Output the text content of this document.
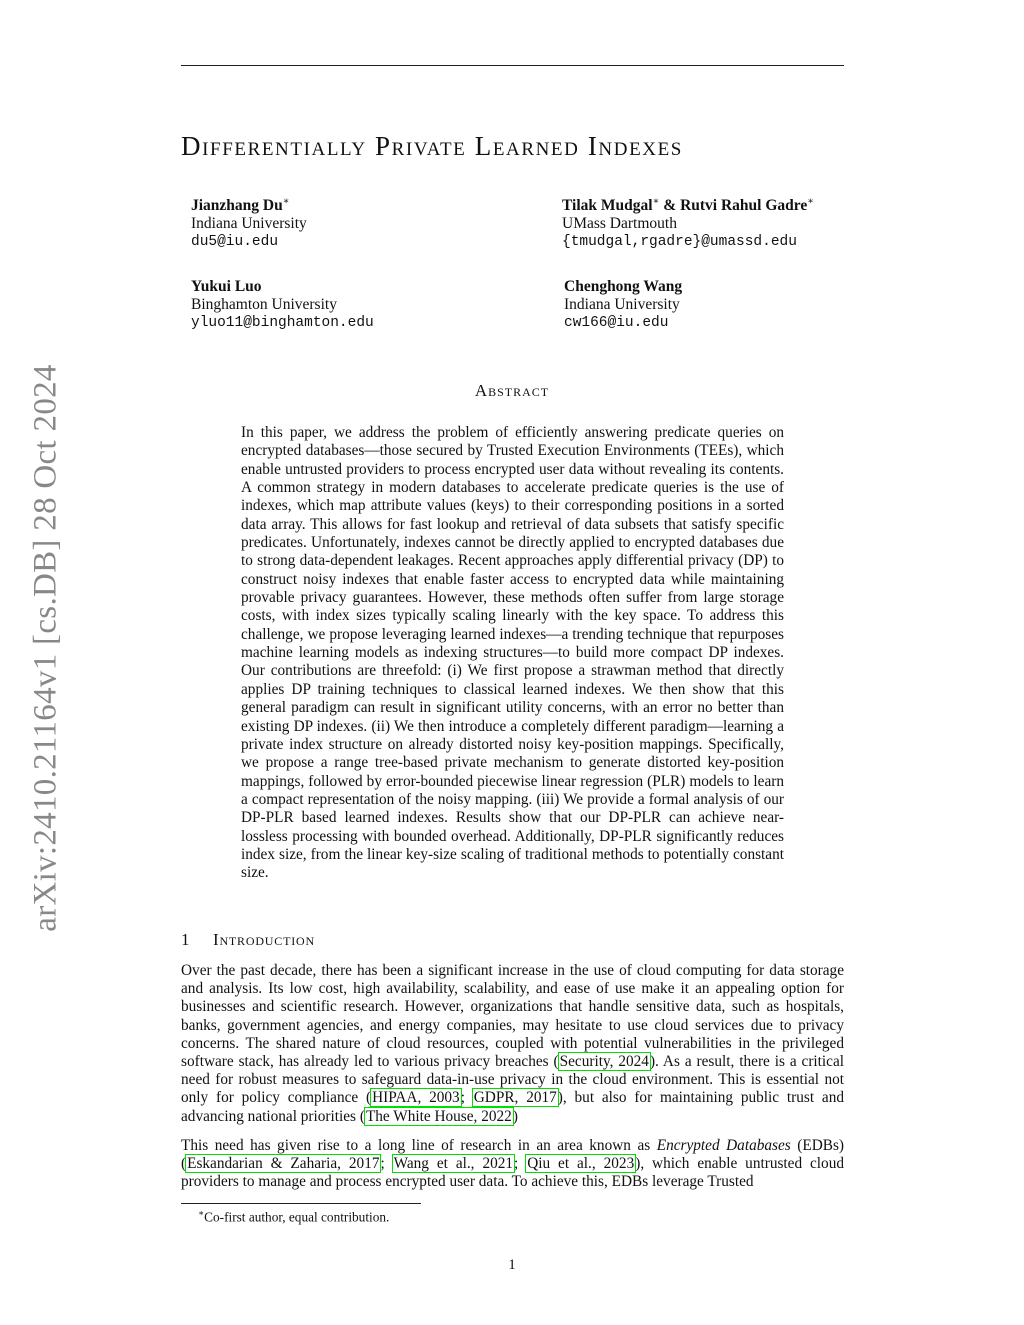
arXiv:2410.21164v1 [cs.DB] 28 Oct 2024
Differentially Private Learned Indexes
Jianzhang Du∗
Indiana University
du5@iu.edu
Tilak Mudgal∗ & Rutvi Rahul Gadre∗
UMass Dartmouth
{tmudgal,rgadre}@umassd.edu
Yukui Luo
Binghamton University
yluo11@binghamton.edu
Chenghong Wang
Indiana University
cw166@iu.edu
Abstract

In this paper, we address the problem of efficiently answering predicate queries on encrypted databases—those secured by Trusted Execution Environments (TEEs), which enable untrusted providers to process encrypted user data without revealing its contents. A common strategy in modern databases to accelerate predicate queries is the use of indexes, which map attribute values (keys) to their corresponding positions in a sorted data array. This allows for fast lookup and retrieval of data subsets that satisfy specific predicates. Unfortunately, indexes cannot be directly applied to encrypted databases due to strong data-dependent leakages. Recent approaches apply differential privacy (DP) to construct noisy indexes that enable faster access to encrypted data while maintaining provable privacy guarantees. However, these methods often suffer from large storage costs, with index sizes typically scaling linearly with the key space. To address this challenge, we propose leveraging learned indexes—a trending technique that repurposes machine learning models as indexing structures—to build more compact DP indexes. Our contributions are threefold: (i) We first propose a strawman method that directly applies DP training techniques to classical learned indexes. We then show that this general paradigm can result in significant utility concerns, with an error no better than existing DP indexes. (ii) We then introduce a completely different paradigm—learning a private index structure on already distorted noisy key-position mappings. Specifically, we propose a range tree-based private mechanism to generate distorted key-position mappings, followed by error-bounded piecewise linear regression (PLR) models to learn a compact representation of the noisy mapping. (iii) We provide a formal analysis of our DP-PLR based learned indexes. Results show that our DP-PLR can achieve near-lossless processing with bounded overhead. Additionally, DP-PLR significantly reduces index size, from the linear key-size scaling of traditional methods to potentially constant size.

1 Introduction

Over the past decade, there has been a significant increase in the use of cloud computing for data storage and analysis. Its low cost, high availability, scalability, and ease of use make it an appealing option for businesses and scientific research. However, organizations that handle sensitive data, such as hospitals, banks, government agencies, and energy companies, may hesitate to use cloud services due to privacy concerns. The shared nature of cloud resources, coupled with potential vulnerabilities in the privileged software stack, has already led to various privacy breaches (Security, 2024). As a result, there is a critical need for robust measures to safeguard data-in-use privacy in the cloud environment. This is essential not only for policy compliance (HIPAA, 2003; GDPR, 2017), but also for maintaining public trust and advancing national priorities (The White House, 2022)

This need has given rise to a long line of research in an area known as Encrypted Databases (EDBs)(Eskandarian & Zaharia, 2017; Wang et al., 2021; Qiu et al., 2023), which enable untrusted cloud providers to manage and process encrypted user data. To achieve this, EDBs leverage Trusted

∗Co-first author, equal contribution.

1
